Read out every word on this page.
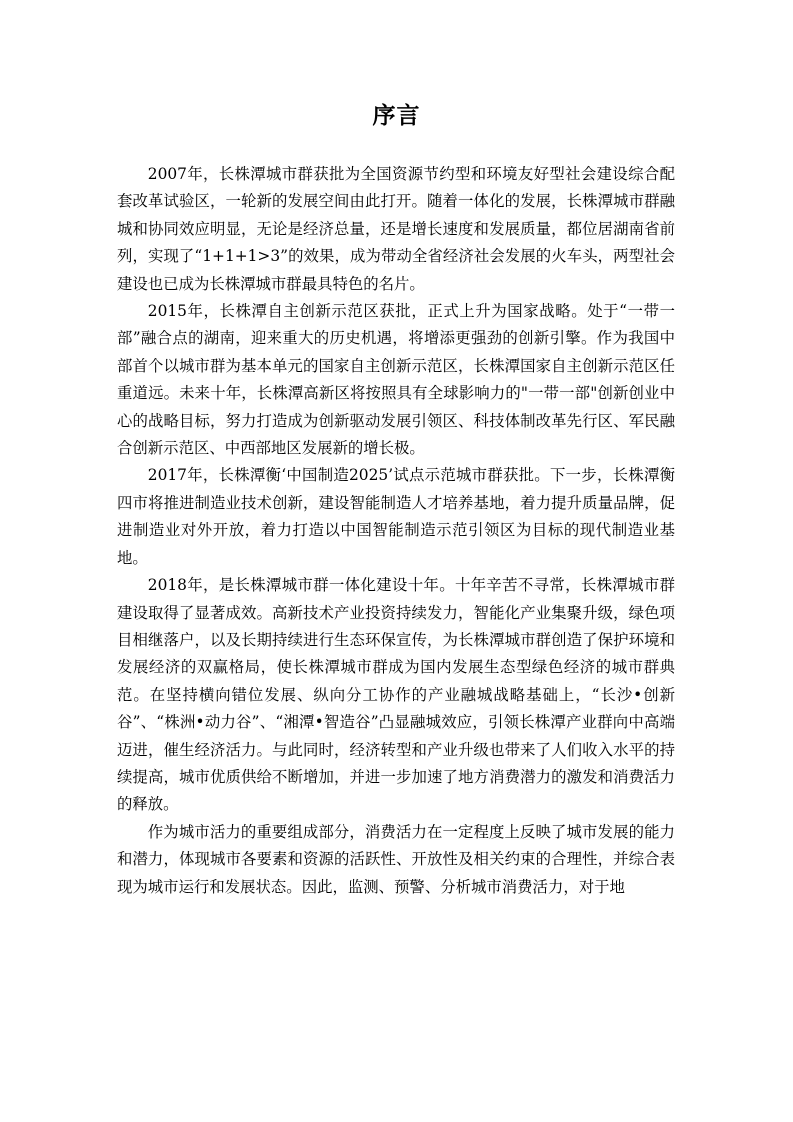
序言

2007年，长株潭城市群获批为全国资源节约型和环境友好型社会建设综合配套改革试验区，一轮新的发展空间由此打开。随着一体化的发展，长株潭城市群融城和协同效应明显，无论是经济总量，还是增长速度和发展质量，都位居湖南省前列，实现了“1+1+1>3”的效果，成为带动全省经济社会发展的火车头，两型社会建设也已成为长株潭城市群最具特色的名片。

2015年，长株潭自主创新示范区获批，正式上升为国家战略。处于“一带一部”融合点的湖南，迎来重大的历史机遇，将增添更强劲的创新引擎。作为我国中部首个以城市群为基本单元的国家自主创新示范区，长株潭国家自主创新示范区任重道远。未来十年，长株潭高新区将按照具有全球影响力的"一带一部"创新创业中心的战略目标，努力打造成为创新驱动发展引领区、科技体制改革先行区、军民融合创新示范区、中西部地区发展新的增长极。

2017年，长株潭衡‘中国制造2025’试点示范城市群获批。下一步，长株潭衡四市将推进制造业技术创新，建设智能制造人才培养基地，着力提升质量品牌，促进制造业对外开放，着力打造以中国智能制造示范引领区为目标的现代制造业基地。

2018年，是长株潭城市群一体化建设十年。十年辛苦不寻常，长株潭城市群建设取得了显著成效。高新技术产业投资持续发力，智能化产业集聚升级，绿色项目相继落户，以及长期持续进行生态环保宣传，为长株潭城市群创造了保护环境和发展经济的双赢格局，使长株潭城市群成为国内发展生态型绿色经济的城市群典范。在坚持横向错位发展、纵向分工协作的产业融城战略基础上，“长沙•创新谷”、“株洲•动力谷”、“湘潭•智造谷”凸显融城效应，引领长株潭产业群向中高端迈进，催生经济活力。与此同时，经济转型和产业升级也带来了人们收入水平的持续提高，城市优质供给不断增加，并进一步加速了地方消费潜力的激发和消费活力的释放。

作为城市活力的重要组成部分，消费活力在一定程度上反映了城市发展的能力和潜力，体现城市各要素和资源的活跃性、开放性及相关约束的合理性，并综合表现为城市运行和发展状态。因此，监测、预警、分析城市消费活力，对于地
